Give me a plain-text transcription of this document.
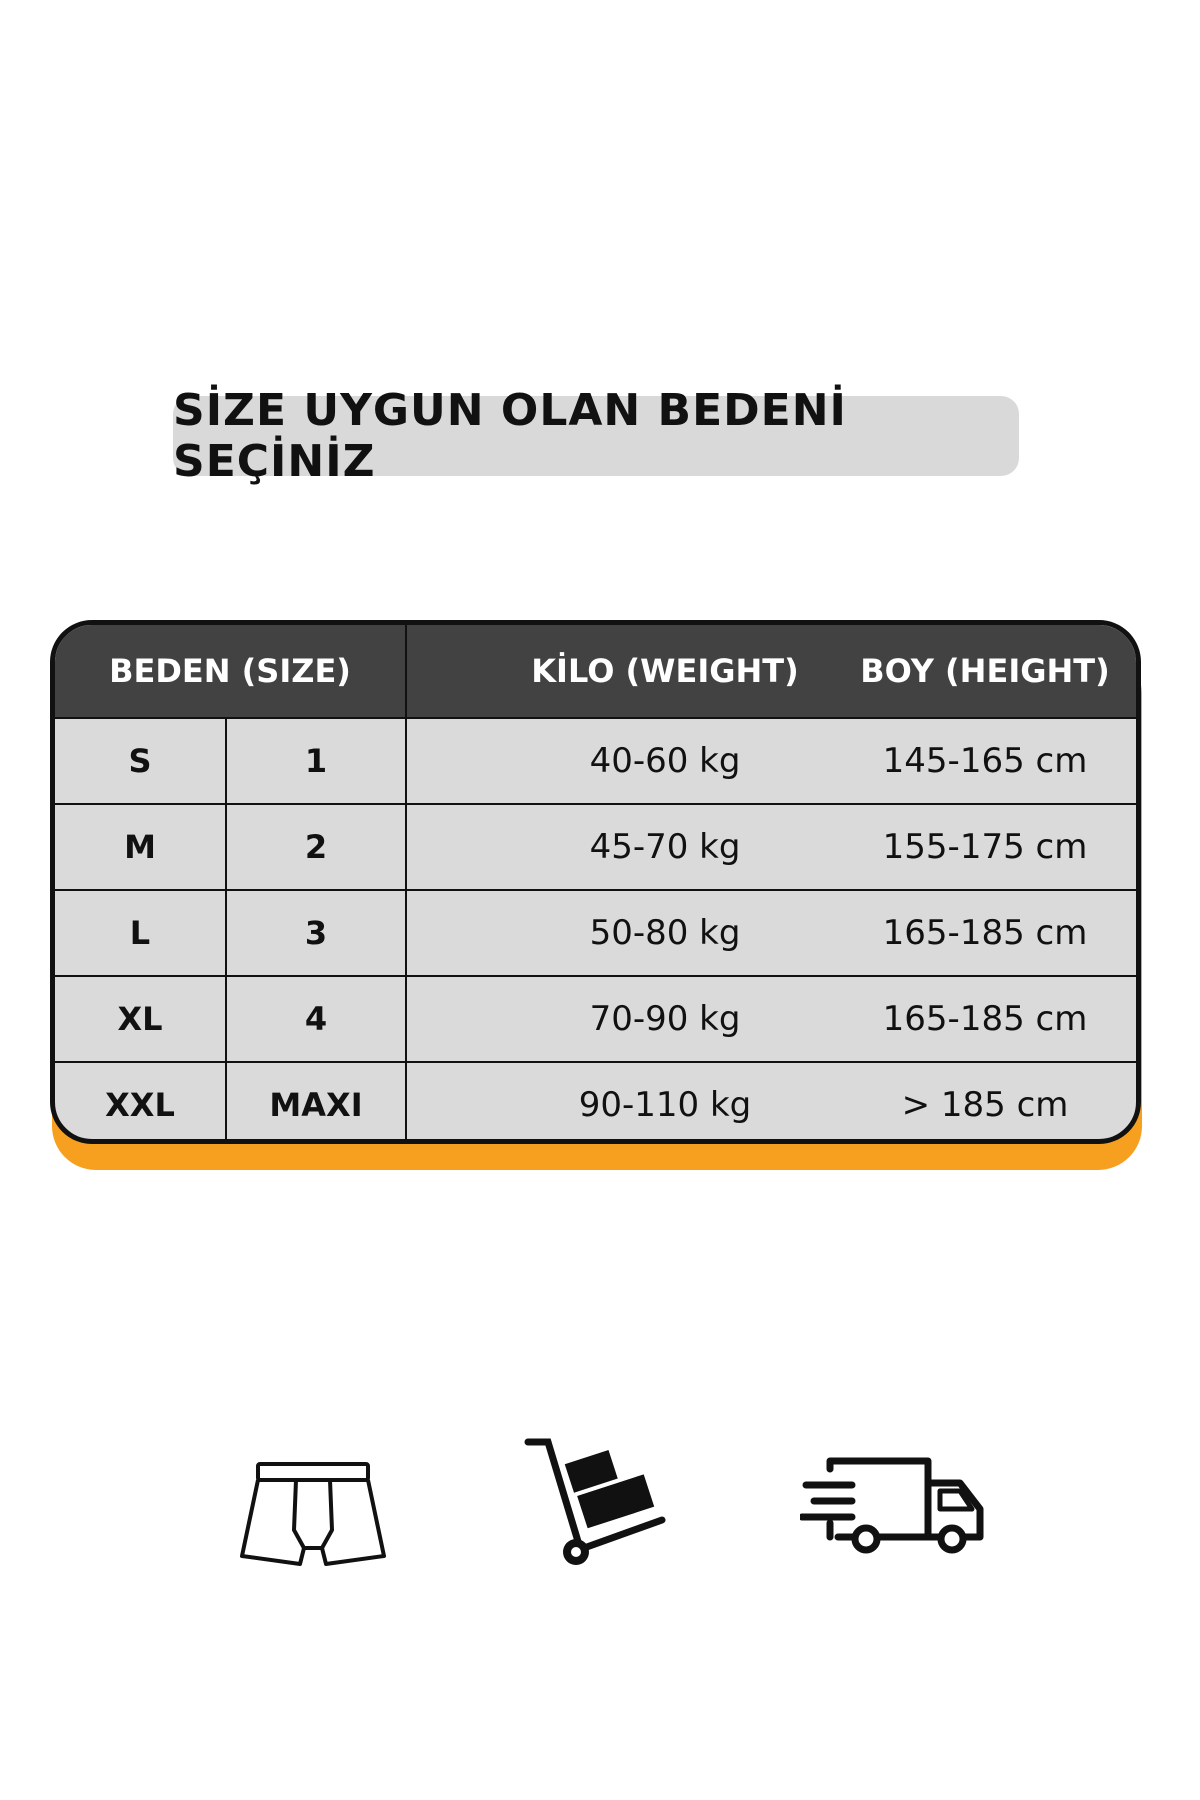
SİZE UYGUN OLAN BEDENİ SEÇİNİZ
BEDEN (SIZE)	KİLO (WEIGHT)	BOY (HEIGHT)
S	1	40-60 kg	145-165 cm
M	2	45-70 kg	155-175 cm
L	3	50-80 kg	165-185 cm
XL	4	70-90 kg	165-185 cm
XXL	MAXI	90-110 kg	> 185 cm
